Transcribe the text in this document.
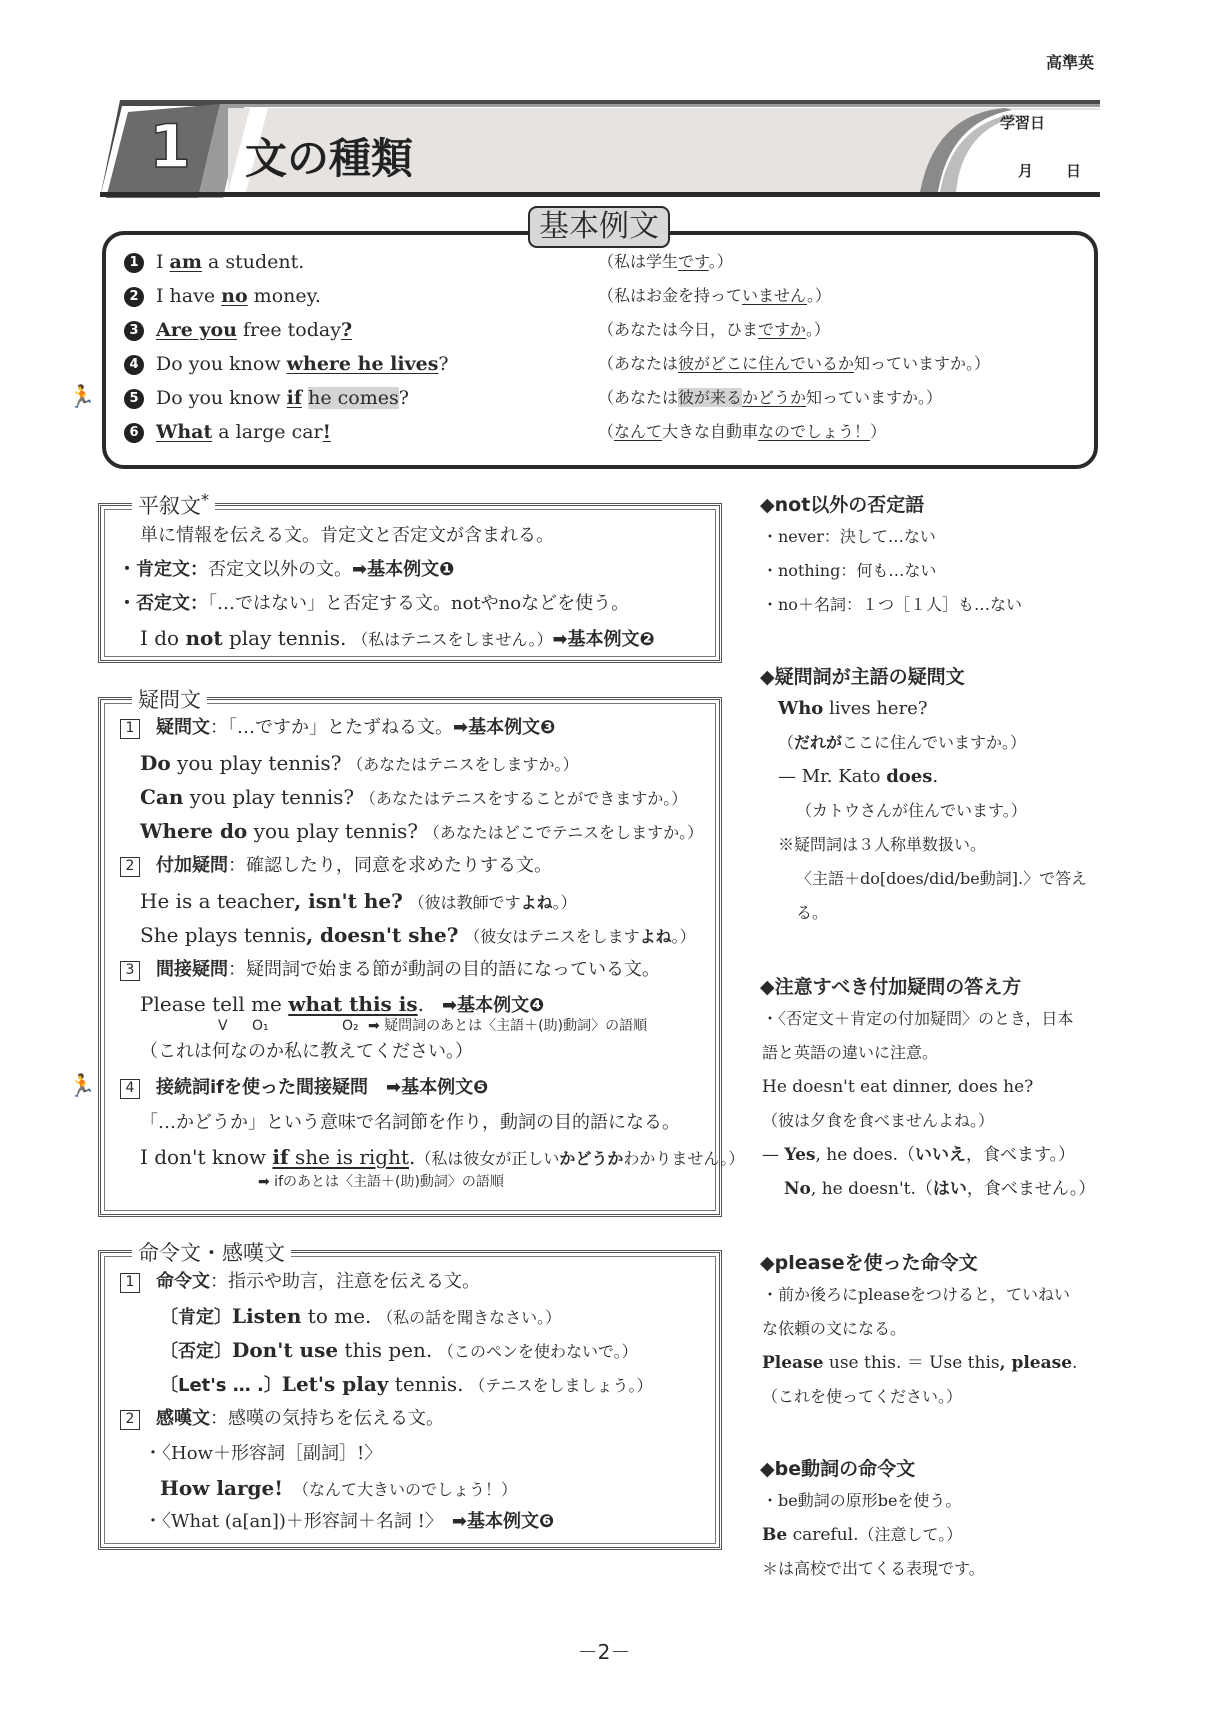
高準英
1 文の種類
学習日
月 日
基本例文
1 I am a student.	（私は学生です。）
2 I have no money.	（私はお金を持っていません。）
3 Are you free today?	（あなたは今日，ひまですか。）
4 Do you know where he lives?	（あなたは彼がどこに住んでいるか知っていますか。）
🏃	5 Do you know if he comes?	（あなたは彼が来るかどうか知っていますか。）
6 What a large car!	（なんて大きな自動車なのでしょう！）
平叙文*
単に情報を伝える文。肯定文と否定文が含まれる。
・肯定文：否定文以外の文。➡基本例文❶
・否定文：「…ではない」と否定する文。notやnoなどを使う。
I do not play tennis. （私はテニスをしません。）➡基本例文❷
疑問文
1 疑問文：「…ですか」とたずねる文。➡基本例文❸
Do you play tennis? （あなたはテニスをしますか。）
Can you play tennis? （あなたはテニスをすることができますか。）
Where do you play tennis? （あなたはどこでテニスをしますか。）
2 付加疑問：確認したり，同意を求めたりする文。
He is a teacher, isn't he? （彼は教師ですよね。）
She plays tennis, doesn't she? （彼女はテニスをしますよね。）
3 間接疑問：疑問詞で始まる節が動詞の目的語になっている文。
Please tell me what this is.　 ➡基本例文❹
V O₁	O₂ ➡ 疑問詞のあとは〈主語＋(助)動詞〉の語順
（これは何なのか私に教えてください。）
🏃	4 接続詞ifを使った間接疑問　 ➡基本例文❺
「…かどうか」という意味で名詞節を作り，動詞の目的語になる。
I don't know if she is right.（私は彼女が正しいかどうかわかりません。）
➡ ifのあとは〈主語＋(助)動詞〉の語順
命令文・感嘆文
1 命令文：指示や助言，注意を伝える文。
〔肯定〕Listen to me. （私の話を聞きなさい。）
〔否定〕Don't use this pen. （このペンを使わないで。）
〔Let's … .〕Let's play tennis. （テニスをしましょう。）
2 感嘆文：感嘆の気持ちを伝える文。
・〈How＋形容詞［副詞］!〉
How large!　 （なんて大きいのでしょう！）
・〈What (a[an])＋形容詞＋名詞 !〉　 ➡基本例文❻
◆not以外の否定語
・never：決して…ない
・nothing：何も…ない
・no＋名詞：１つ［１人］も…ない
◆疑問詞が主語の疑問文
Who lives here?
（だれがここに住んでいますか。）
— Mr. Kato does.
（カトウさんが住んでいます。）
※疑問詞は３人称単数扱い。
〈主語＋do[does/did/be動詞].〉で答え
る。
◆注意すべき付加疑問の答え方
・〈否定文＋肯定の付加疑問〉のとき，日本
語と英語の違いに注意。
He doesn't eat dinner, does he?
（彼は夕食を食べませんよね。）
— Yes, he does.（いいえ，食べます。）
No, he doesn't.（はい，食べません。）
◆pleaseを使った命令文
・前か後ろにpleaseをつけると，ていねい
な依頼の文になる。
Please use this. ＝ Use this, please.
（これを使ってください。）
◆be動詞の命令文
・be動詞の原形beを使う。
Be careful.（注意して。）
＊は高校で出てくる表現です。
－2－
